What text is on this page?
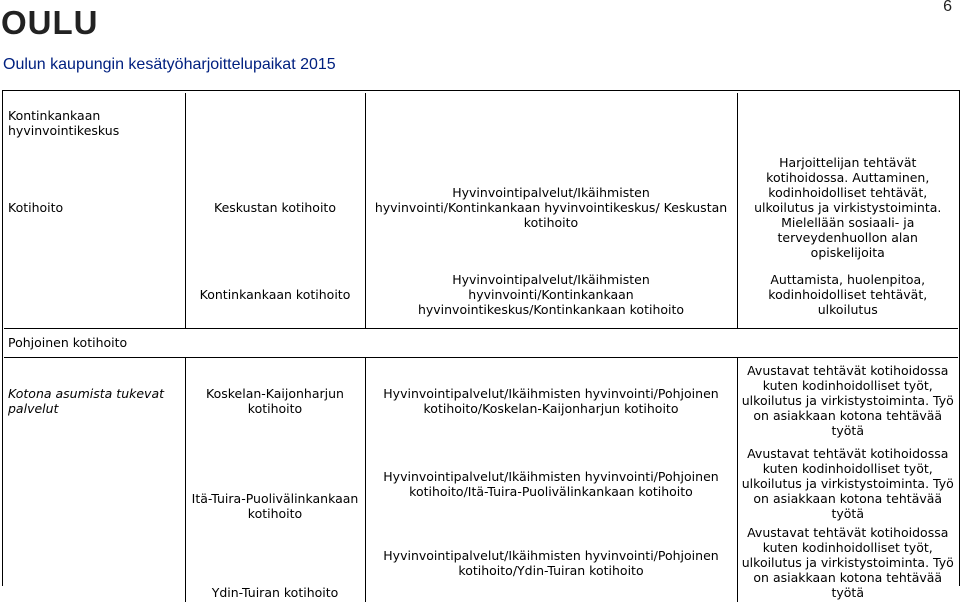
OULU	6
Oulun kaupungin kesätyöharjoittelupaikat 2015
Kontinkankaan hyvinvointikeskus			
Kotihoito	Keskustan kotihoito	Hyvinvointipalvelut/Ikäihmisten hyvinvointi/Kontinkankaan hyvinvointikeskus/ Keskustan kotihoito	Harjoittelijan tehtävät kotihoidossa. Auttaminen, kodinhoidolliset tehtävät, ulkoilutus ja virkistystoiminta. Mielellään sosiaali- ja terveydenhuollon alan opiskelijoita
	Kontinkankaan kotihoito	Hyvinvointipalvelut/Ikäihmisten hyvinvointi/Kontinkankaan hyvinvointikeskus/Kontinkankaan kotihoito	Auttamista, huolenpitoa, kodinhoidolliset tehtävät, ulkoilutus
Pohjoinen kotihoito			
Kotona asumista tukevat palvelut	Koskelan-Kaijonharjun kotihoito	Hyvinvointipalvelut/Ikäihmisten hyvinvointi/Pohjoinen kotihoito/Koskelan-Kaijonharjun kotihoito	Avustavat tehtävät kotihoidossa kuten kodinhoidolliset työt, ulkoilutus ja virkistystoiminta. Työ on asiakkaan kotona tehtävää työtä
	Itä-Tuira-Puolivälinkankaan kotihoito	Hyvinvointipalvelut/Ikäihmisten hyvinvointi/Pohjoinen kotihoito/Itä-Tuira-Puolivälinkankaan kotihoito	Avustavat tehtävät kotihoidossa kuten kodinhoidolliset työt, ulkoilutus ja virkistystoiminta. Työ on asiakkaan kotona tehtävää työtä
	Ydin-Tuiran kotihoito	Hyvinvointipalvelut/Ikäihmisten hyvinvointi/Pohjoinen kotihoito/Ydin-Tuiran kotihoito	Avustavat tehtävät kotihoidossa kuten kodinhoidolliset työt, ulkoilutus ja virkistystoiminta. Työ on asiakkaan kotona tehtävää työtä
